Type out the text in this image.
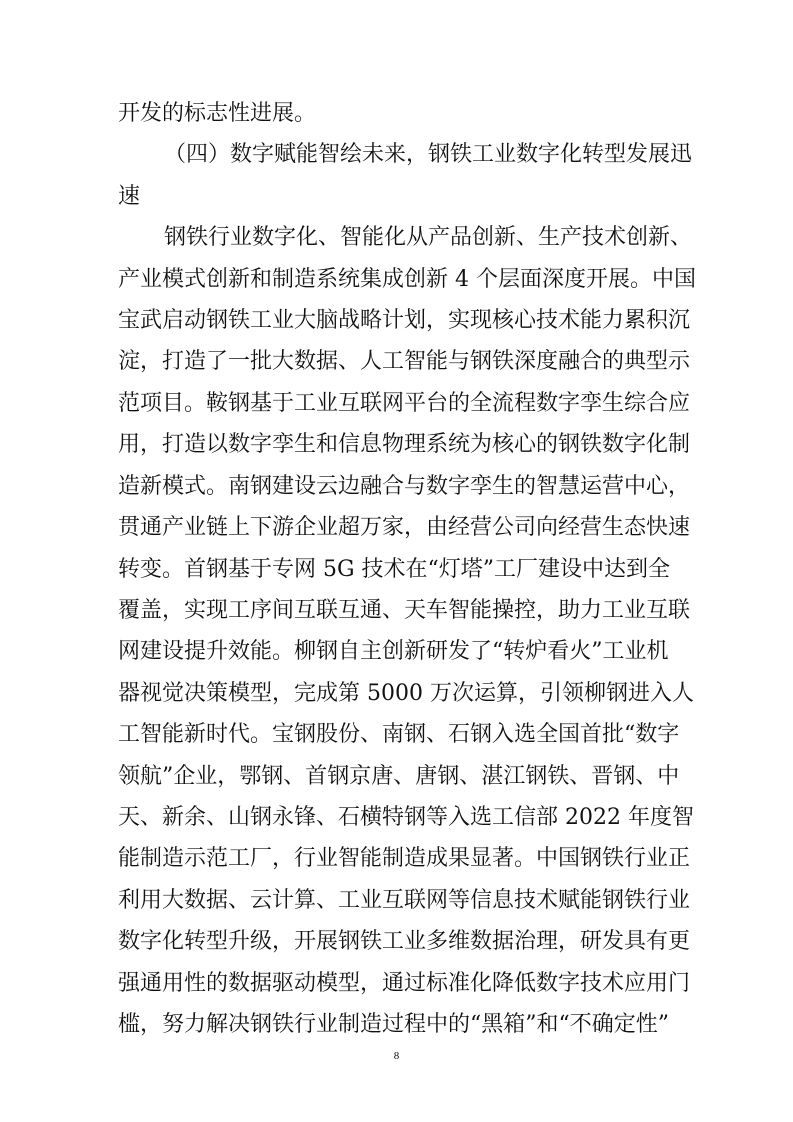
开发的标志性进展。
（四）数字赋能智绘未来，钢铁工业数字化转型发展迅
速
钢铁行业数字化、智能化从产品创新、生产技术创新、
产业模式创新和制造系统集成创新 4 个层面深度开展。中国
宝武启动钢铁工业大脑战略计划，实现核心技术能力累积沉
淀，打造了一批大数据、人工智能与钢铁深度融合的典型示
范项目。鞍钢基于工业互联网平台的全流程数字孪生综合应
用，打造以数字孪生和信息物理系统为核心的钢铁数字化制
造新模式。南钢建设云边融合与数字孪生的智慧运营中心，
贯通产业链上下游企业超万家，由经营公司向经营生态快速
转变。首钢基于专网 5G 技术在“灯塔”工厂建设中达到全
覆盖，实现工序间互联互通、天车智能操控，助力工业互联
网建设提升效能。柳钢自主创新研发了“转炉看火”工业机
器视觉决策模型，完成第 5000 万次运算，引领柳钢进入人
工智能新时代。宝钢股份、南钢、石钢入选全国首批“数字
领航”企业，鄂钢、首钢京唐、唐钢、湛江钢铁、晋钢、中
天、新余、山钢永锋、石横特钢等入选工信部 2022 年度智
能制造示范工厂，行业智能制造成果显著。中国钢铁行业正
利用大数据、云计算、工业互联网等信息技术赋能钢铁行业
数字化转型升级，开展钢铁工业多维数据治理，研发具有更
8
强通用性的数据驱动模型，通过标准化降低数字技术应用门
槛，努力解决钢铁行业制造过程中的“黑箱”和“不确定性”
